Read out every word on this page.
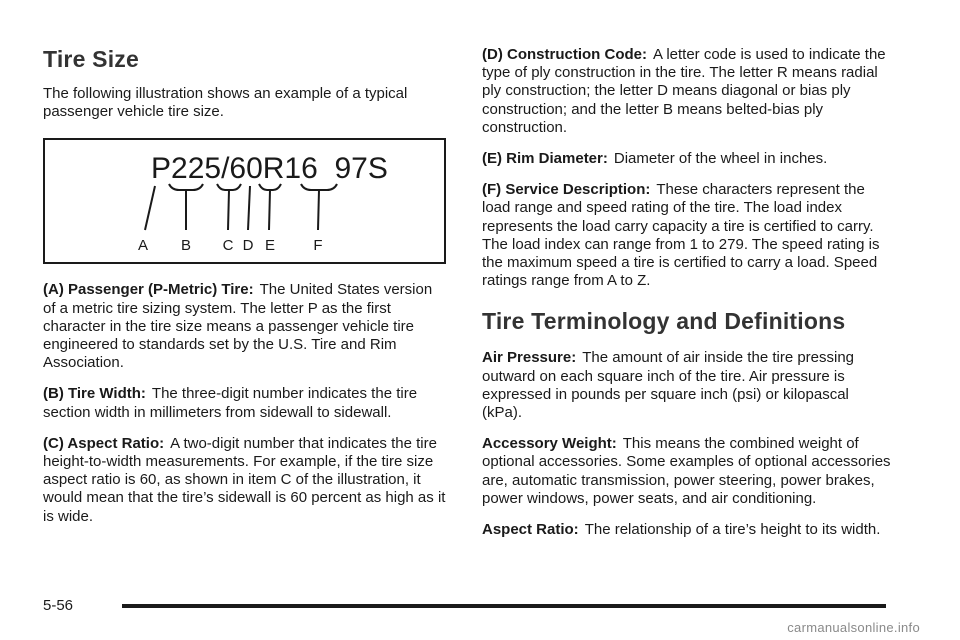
Tire Size

The following illustration shows an example of a typical passenger vehicle tire size.

P225/60R16  97S
A B C D E	F

(A) Passenger (P-Metric) Tire: The United States version of a metric tire sizing system. The letter P as the first character in the tire size means a passenger vehicle tire engineered to standards set by the U.S. Tire and Rim Association.

(B) Tire Width: The three-digit number indicates the tire section width in millimeters from sidewall to sidewall.

(C) Aspect Ratio: A two-digit number that indicates the tire height-to-width measurements. For example, if the tire size aspect ratio is 60, as shown in item C of the illustration, it would mean that the tire’s sidewall is 60 percent as high as it is wide.

(D) Construction Code: A letter code is used to indicate the type of ply construction in the tire. The letter R means radial ply construction; the letter D means diagonal or bias ply construction; and the letter B means belted-bias ply construction.

(E) Rim Diameter: Diameter of the wheel in inches.

(F) Service Description: These characters represent the load range and speed rating of the tire. The load index represents the load carry capacity a tire is certified to carry. The load index can range from 1 to 279. The speed rating is the maximum speed a tire is certified to carry a load. Speed ratings range from A to Z.

Tire Terminology and Definitions

Air Pressure: The amount of air inside the tire pressing outward on each square inch of the tire. Air pressure is expressed in pounds per square inch (psi) or kilopascal (kPa).

Accessory Weight: This means the combined weight of optional accessories. Some examples of optional accessories are, automatic transmission, power steering, power brakes, power windows, power seats, and air conditioning.

Aspect Ratio: The relationship of a tire’s height to its width.

5-56
carmanualsonline.info
